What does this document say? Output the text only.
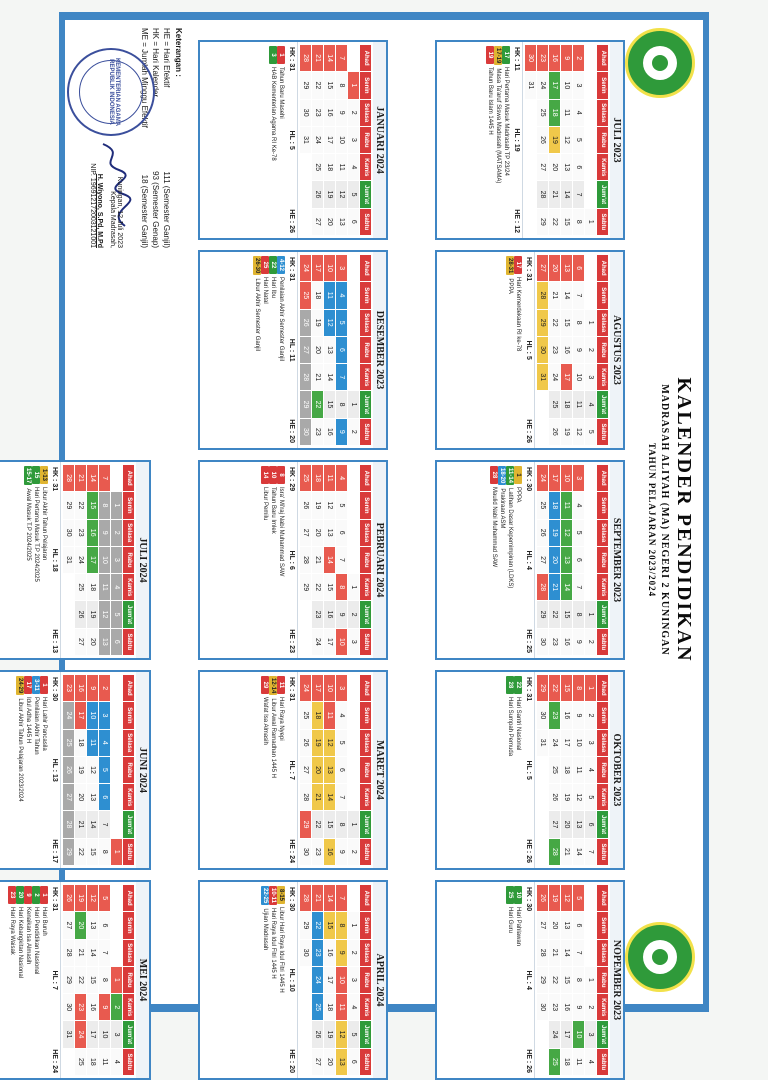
KALENDER PENDIDIKAN
MADRASAH ALIYAH (MA) NEGERI 2 KUNINGAN
TAHUN PELAJARAN 2023/2024
JULI 2023
Ahad
Senin
Selasa
Rabu
Kamis
Jum'at
Sabtu
1
2
3
4
5
6
7
8
9
10
11
12
13
14
15
16
17
18
19
20
21
22
23
24
25
26
27
28
29
30
31
HK : 11
HL : 19
HE : 12
17
Hari Pertama Masuk Madrasah TP 23/24
17-19
Masa Ta'aruf Siswa Madrasah (MATSAMA)
19
Tahun Baru Islam 1445 H
AGUSTUS 2023
Ahad
Senin
Selasa
Rabu
Kamis
Jum'at
Sabtu
1
2
3
4
5
6
7
8
9
10
11
12
13
14
15
16
17
18
19
20
21
22
23
24
25
26
27
28
29
30
31
HK : 31
HL : 5
HE : 26
17
Hari Kemerdekaan RI ke-78
28-31
PPPA
SEPTEMBER 2023
Ahad
Senin
Selasa
Rabu
Kamis
Jum'at
Sabtu
1
2
3
4
5
6
7
8
9
10
11
12
13
14
15
16
17
18
19
20
21
22
23
24
25
26
27
28
29
30
HK : 30
HL : 4
HE : 25
1
PPPA
11-14
Latihan Dasar Kepemimpinan (LDKS)
18-20
Prakiraan ASM
28
Maulid Nabi Muhammad SAW
OKTOBER 2023
Ahad
Senin
Selasa
Rabu
Kamis
Jum'at
Sabtu
1
2
3
4
5
6
7
8
9
10
11
12
13
14
15
16
17
18
19
20
21
22
23
24
25
26
27
28
29
30
31
HK : 31
HL : 5
HE : 26
22
Hari Santri Nasional
28
Hari Sumpah Pemuda
NOPEMBER 2023
Ahad
Senin
Selasa
Rabu
Kamis
Jum'at
Sabtu
1
2
3
4
5
6
7
8
9
10
11
12
13
14
15
16
17
18
19
20
21
22
23
24
25
26
27
28
29
30
HK : 30
HL : 4
HE : 26
10
Hari Pahlawan
25
Hari Guru
DESEMBER 2023
Ahad
Senin
Selasa
Rabu
Kamis
Jum'at
Sabtu
1
2
3
4
5
6
7
8
9
10
11
12
13
14
15
16
17
18
19
20
21
22
23
24
25
26
27
28
29
30
HK : 31
HL : 11
HE : 20
4-12
Penilaian Akhir Semester Ganjil
22
Hari Ibu
25
Hari Natal
26-30
Libur Akhir Semester Ganjil
JANUARI 2024
Ahad
Senin
Selasa
Rabu
Kamis
Jum'at
Sabtu
1
2
3
4
5
6
7
8
9
10
11
12
13
14
15
16
17
18
19
20
21
22
23
24
25
26
27
28
29
30
31
HK : 31
HL : 5
HE : 26
1
Tahun Baru Masehi
3
HAB Kementerian Agama RI Ke-78
PEBRUARI 2024
Ahad
Senin
Selasa
Rabu
Kamis
Jum'at
Sabtu
1
2
3
4
5
6
7
8
9
10
11
12
13
14
15
16
17
18
19
20
21
22
23
24
25
26
27
28
29
HK : 29
HL : 6
HE : 23
8
Isra' Mi'raj Nabi Muhammad SAW
10
Tahun Baru Imlek
14
Libur Pemilu
MARET 2024
Ahad
Senin
Selasa
Rabu
Kamis
Jum'at
Sabtu
1
2
3
4
5
6
7
8
9
10
11
12
13
14
15
16
17
18
19
20
21
22
23
24
25
26
27
28
29
30
HK : 31
HL : 7
HE : 24
11
Hari Raya Nyepi
12-14
Libur Awal Ramadhan 1445 H
29
Wafat Isa Almasih
APRIL 2024
Ahad
Senin
Selasa
Rabu
Kamis
Jum'at
Sabtu
1
2
3
4
5
6
7
8
9
10
11
12
13
14
15
16
17
18
19
20
21
22
23
24
25
26
27
28
29
30
HK : 30
HL : 10
HE : 20
8-15
Libur Hari Raya Idul Fitri 1445 H
10-11
Hari Raya Idul Fitri 1445 H
22-25
Ujian Madrasah
MEI 2024
Ahad
Senin
Selasa
Rabu
Kamis
Jum'at
Sabtu
1
2
3
4
5
6
7
8
9
10
11
12
13
14
15
16
17
18
19
20
21
22
23
24
25
26
27
28
29
30
31
HK : 31
HL : 7
HE : 24
1
Hari Buruh
2
Hari Pendidikan Nasional
9
Kenaikan Isa Almasih
20
Hari Kebangkitan Nasional
23
Hari Raya Waisak
JUNI 2024
Ahad
Senin
Selasa
Rabu
Kamis
Jum'at
Sabtu
1
2
3
4
5
6
7
8
9
10
11
12
13
14
15
16
17
18
19
20
21
22
23
24
25
26
27
28
29
HK : 30
HL : 13
HE : 17
1
Hari Lahir Pancasila
3-11
Penilaian Akhir Tahun
17
Idul Adha 1445 H
24-29
Libur Akhir Tahun Pelajaran 2023/2024
JULI 2024
Ahad
Senin
Selasa
Rabu
Kamis
Jum'at
Sabtu
1
2
3
4
5
6
7
8
9
10
11
12
13
14
15
16
17
18
19
20
21
22
23
24
25
26
27
28
29
30
31
HK : 31
HL : 18
HE : 13
1-13
Libur Akhir Tahun Pelajaran
15
Hari Pertama Masuk T.P 2024/2025
15-17
Awal Masuk T.P 2024/2025
Keterangan :
HE = Hari Efektif
111 (Semester Ganjil)
HK = Hari Kalender
93 (Semester Genap)
ME = Jumlah Minggu Efektif
18 (Semester Ganjil)
KEMENTERIAN AGAMA REPUBLIK INDONESIA
Kuningan, 12 Juli 2023
Kepala Madrasah,
H. Wiyono, S.Pd, M.Pd
NIP. 196912172003121001
